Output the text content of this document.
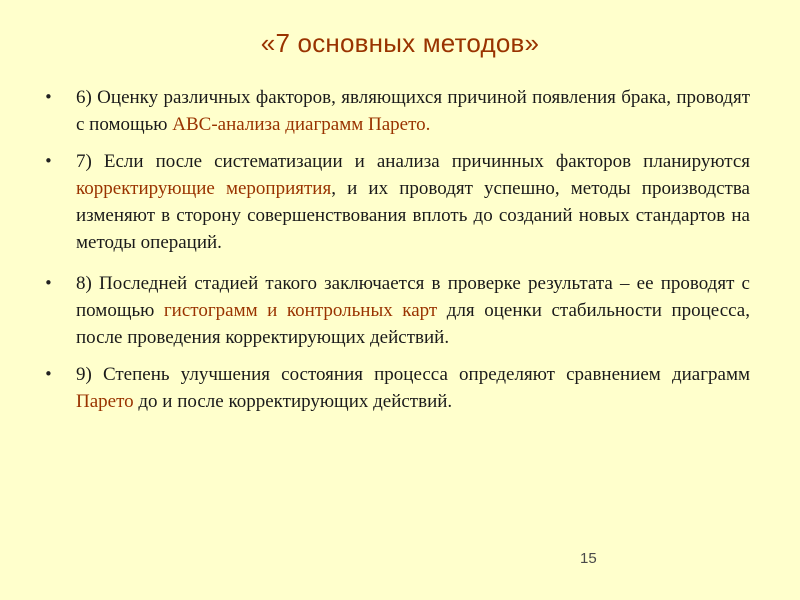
«7 основных методов»
• 6) Оценку различных факторов, являющихся причиной появления брака, проводят с помощью АВС-анализа диаграмм Парето.
• 7) Если после систематизации и анализа причинных факторов планируются корректирующие мероприятия, и их проводят успешно, методы производства изменяют в сторону совершенствования вплоть до созданий новых стандартов на методы операций.
• 8) Последней стадией такого заключается в проверке результата – ее проводят с помощью гистограмм и контрольных карт для оценки стабильности процесса, после проведения корректирующих действий.
• 9) Степень улучшения состояния процесса определяют сравнением диаграмм Парето до и после корректирующих действий.
15
